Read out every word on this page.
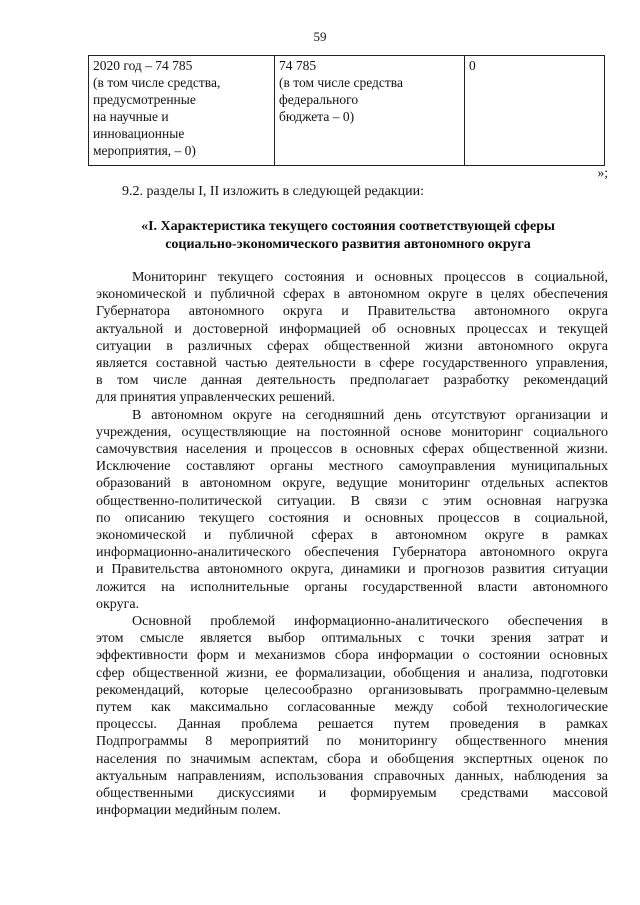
59
2020 год – 74 785
(в том числе средства,
предусмотренные
на научные и
инновационные
мероприятия, – 0)

74 785
(в том числе средства
федерального
бюджета – 0)

0
»;
9.2. разделы I, II изложить в следующей редакции:
«I. Характеристика текущего состояния соответствующей сферы
социально-экономического развития автономного округа

Мониторинг текущего состояния и основных процессов в социальной,
экономической и публичной сферах в автономном округе в целях обеспечения
Губернатора автономного округа и Правительства автономного округа
актуальной и достоверной информацией об основных процессах и текущей
ситуации в различных сферах общественной жизни автономного округа
является составной частью деятельности в сфере государственного управления,
в том числе данная деятельность предполагает разработку рекомендаций
для принятия управленческих решений.

В автономном округе на сегодняшний день отсутствуют организации и
учреждения, осуществляющие на постоянной основе мониторинг социального
самочувствия населения и процессов в основных сферах общественной жизни.
Исключение составляют органы местного самоуправления муниципальных
образований в автономном округе, ведущие мониторинг отдельных аспектов
общественно-политической ситуации. В связи с этим основная нагрузка
по описанию текущего состояния и основных процессов в социальной,
экономической и публичной сферах в автономном округе в рамках
информационно-аналитического обеспечения Губернатора автономного округа
и Правительства автономного округа, динамики и прогнозов развития ситуации
ложится на исполнительные органы государственной власти автономного
округа.

Основной проблемой информационно-аналитического обеспечения в
этом смысле является выбор оптимальных с точки зрения затрат и
эффективности форм и механизмов сбора информации о состоянии основных
сфер общественной жизни, ее формализации, обобщения и анализа, подготовки
рекомендаций, которые целесообразно организовывать программно-целевым
путем как максимально согласованные между собой технологические
процессы. Данная проблема решается путем проведения в рамках
Подпрограммы 8 мероприятий по мониторингу общественного мнения
населения по значимым аспектам, сбора и обобщения экспертных оценок по
актуальным направлениям, использования справочных данных, наблюдения за
общественными дискуссиями и формируемым средствами массовой
информации медийным полем.
